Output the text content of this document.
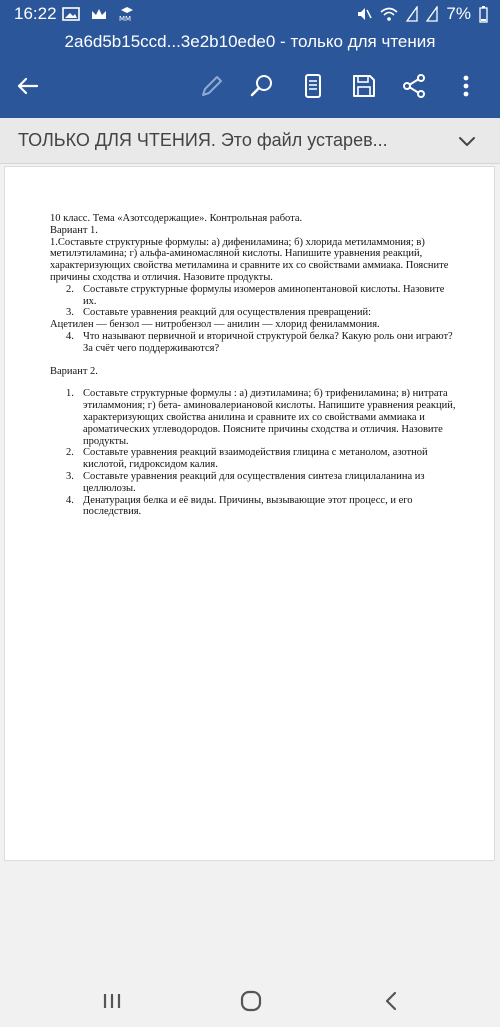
16:22	MM	7%
2a6d5b15ccd...3e2b10ede0 - только для чтения
ТОЛЬКО ДЛЯ ЧТЕНИЯ. Это файл устарев...

10 класс. Тема «Азотсодержащие». Контрольная работа.

Вариант 1.

1.Составьте структурные формулы: а) дифениламина; б) хлорида метиламмония; в) метилэтиламина; г) альфа-аминомасляной кислоты. Напишите уравнения реакций, характеризующих свойства метиламина и сравните их со свойствами аммиака. Поясните причины сходства и отличия. Назовите продукты.

2. Составьте структурные формулы изомеров аминопентановой кислоты. Назовите их.
3. Составьте уравнения реакций для осуществления превращений:

Ацетилен — бензол — нитробензол — анилин — хлорид фениламмония.

4. Что называют первичной и вторичной структурой белка? Какую роль они играют? За счёт чего поддерживаются?

Вариант 2.

1. Составьте структурные формулы : а) диэтиламина; б) трифениламина; в) нитрата этиламмония; г) бета- аминовалериановой кислоты. Напишите уравнения реакций, характеризующих свойства анилина и сравните их со свойствами аммиака и ароматических углеводородов. Поясните причины сходства и отличия. Назовите продукты.
2. Составьте уравнения реакций взаимодействия глицина с метанолом, азотной кислотой, гидроксидом калия.
3. Составьте уравнения реакций для осуществления синтеза глицилаланина из целлюлозы.
4. Денатурация белка и её виды. Причины, вызывающие этот процесс, и его последствия.
